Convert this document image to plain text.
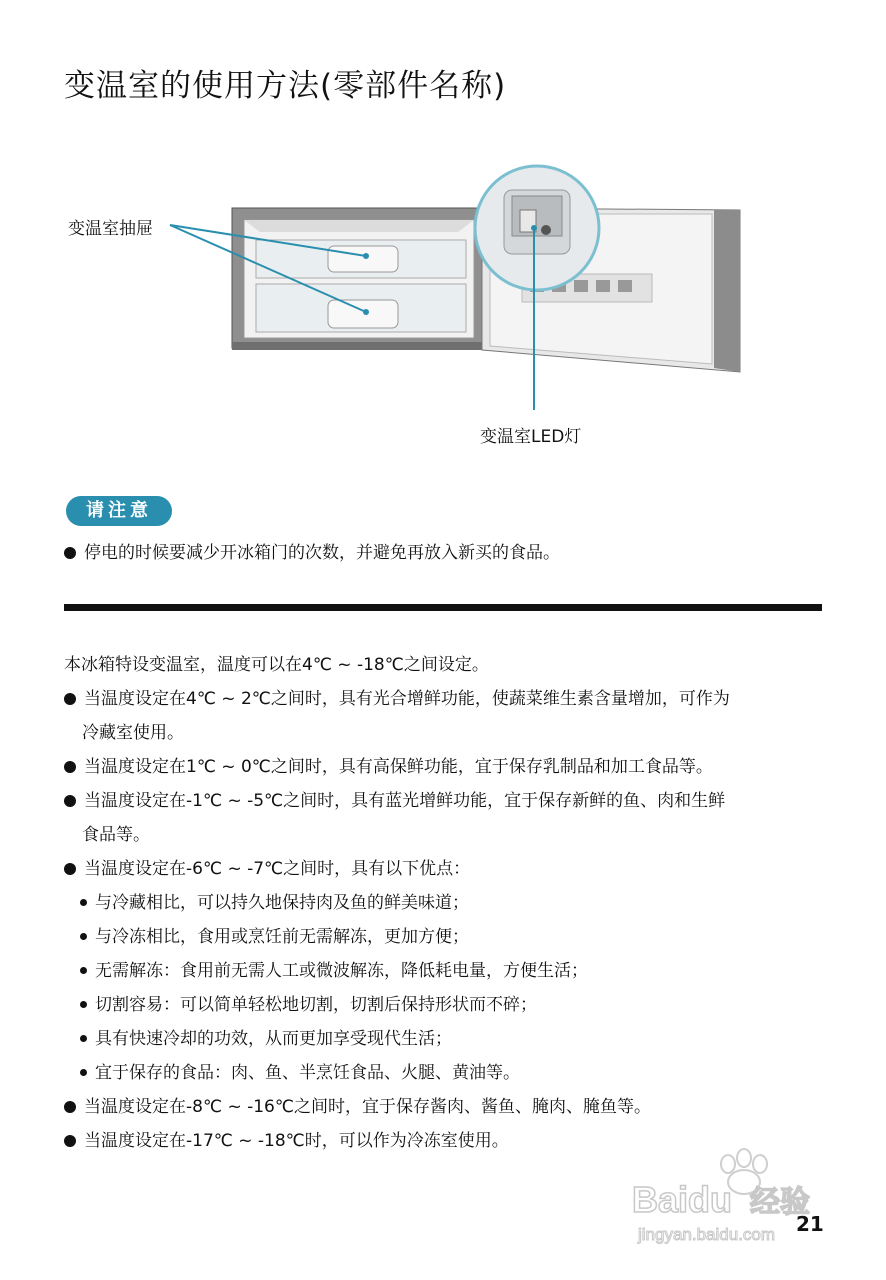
变温室的使用方法(零部件名称)
变温室抽屉
变温室LED灯
请注意
停电的时候要减少开冰箱门的次数，并避免再放入新买的食品。

本冰箱特设变温室，温度可以在4℃ ~ -18℃之间设定。

当温度设定在4℃ ~ 2℃之间时，具有光合增鲜功能，使蔬菜维生素含量增加，可作为

冷藏室使用。

当温度设定在1℃ ~ 0℃之间时，具有高保鲜功能，宜于保存乳制品和加工食品等。

当温度设定在-1℃ ~ -5℃之间时，具有蓝光增鲜功能，宜于保存新鲜的鱼、肉和生鲜

食品等。

当温度设定在-6℃ ~ -7℃之间时，具有以下优点：

与冷藏相比，可以持久地保持肉及鱼的鲜美味道；

与冷冻相比，食用或烹饪前无需解冻，更加方便；

无需解冻：食用前无需人工或微波解冻，降低耗电量，方便生活；

切割容易：可以简单轻松地切割，切割后保持形状而不碎；

具有快速冷却的功效，从而更加享受现代生活；

宜于保存的食品：肉、鱼、半烹饪食品、火腿、黄油等。

当温度设定在-8℃ ~ -16℃之间时，宜于保存酱肉、酱鱼、腌肉、腌鱼等。

当温度设定在-17℃ ~ -18℃时，可以作为冷冻室使用。

Baidu 经验
jingyan.baidu.com 21
